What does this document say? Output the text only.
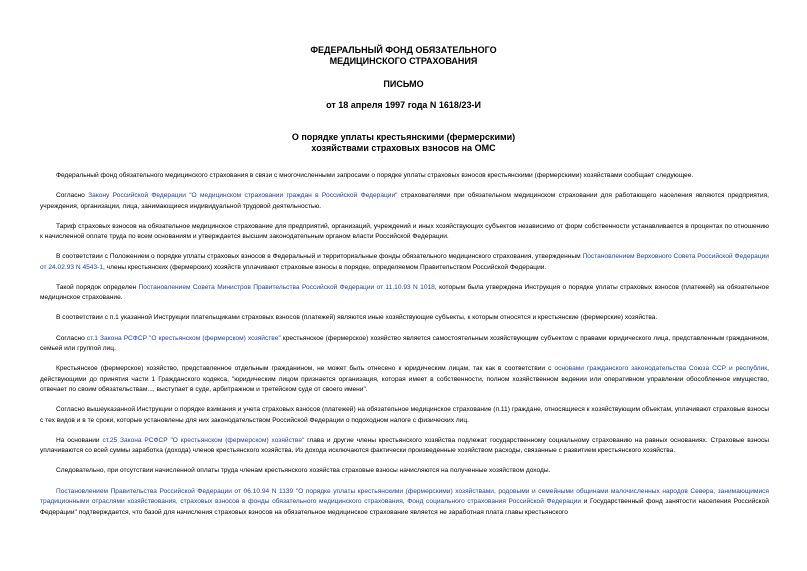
ФЕДЕРАЛЬНЫЙ ФОНД ОБЯЗАТЕЛЬНОГО
МЕДИЦИНСКОГО СТРАХОВАНИЯ
ПИСЬМО
от 18 апреля 1997 года N 1618/23-И
О порядке уплаты крестьянскими (фермерскими)
хозяйствами страховых взносов на ОМС

Федеральный фонд обязательного медицинского страхования в связи с многочисленными запросами о порядке уплаты страховых взносов крестьянскими (фермерскими) хозяйствами сообщает следующее.

Согласно Закону Российской Федерации "О медицинском страховании граждан в Российской Федерации" страхователями при обязательном медицинском страховании для работающего населения являются предприятия, учреждения, организации, лица, занимающиеся индивидуальной трудовой деятельностью.

Тариф страховых взносов на обязательное медицинское страхование для предприятий, организаций, учреждений и иных хозяйствующих субъектов независимо от форм собственности устанавливается в процентах по отношению к начисленной оплате труда по всем основаниям и утверждается высшим законодательным органом власти Российской Федерации.

В соответствии с Положением о порядке уплаты страховых взносов в Федеральный и территориальные фонды обязательного медицинского страхования, утвержденным Постановлением Верховного Совета Российской Федерации от 24.02.93 N 4543-1, члены крестьянских (фермерских) хозяйств уплачивают страховые взносы в порядке, определяемом Правительством Российской Федерации.

Такой порядок определен Постановлением Совета Министров Правительства Российской Федерации от 11.10.93 N 1018, которым была утверждена Инструкция о порядке уплаты страховых взносов (платежей) на обязательное медицинское страхование.

В соответствии с п.1 указанной Инструкции плательщиками страховых взносов (платежей) являются иные хозяйствующие субъекты, к которым относятся и крестьянские (фермерские) хозяйства.

Согласно ст.1 Закона РСФСР "О крестьянском (фермерском) хозяйстве" крестьянское (фермерское) хозяйство является самостоятельным хозяйствующим субъектом с правами юридического лица, представленным гражданином, семьей или группой лиц.

Крестьянское (фермерское) хозяйство, представленное отдельным гражданином, не может быть отнесено к юридическим лицам, так как в соответствии с основами гражданского законодательства Союза ССР и республик, действующими до принятия части 1 Гражданского кодекса, "юридическим лицом признается организация, которая имеет в собственности, полном хозяйственном ведении или оперативном управлении обособленное имущество, отвечает по своим обязательствам..., выступает в суде, арбитражном и третейском суде от своего имени".

Согласно вышеуказанной Инструкции о порядке взимания и учета страховых взносов (платежей) на обязательное медицинское страхование (п.11) граждане, относящиеся к хозяйствующим объектам, уплачивают страховые взносы с тех видов и в те сроки, которые установлены для них законодательством Российской Федерации о подоходном налоге с физических лиц.

На основании ст.25 Закона РСФСР "О крестьянском (фермерском) хозяйстве" глава и другие члены крестьянского хозяйства подлежат государственному социальному страхованию на равных основаниях. Страховые взносы уплачиваются со всей суммы заработка (дохода) членов крестьянского хозяйства. Из дохода исключаются фактически произведенные хозяйством расходы, связанные с развитием крестьянского хозяйства.

Следовательно, при отсутствии начисленной оплаты труда членам крестьянского хозяйства страховые взносы начисляются на полученные хозяйством доходы.

Постановлением Правительства Российской Федерации от 06.10.94 N 1139 "О порядке уплаты крестьянскими (фермерскими) хозяйствами, родовыми и семейными общинами малочисленных народов Севера, занимающимися традиционными отраслями хозяйствования, страховых взносов в фонды обязательного медицинского страхования, Фонд социального страхования Российской Федерации и Государственный фонд занятости населения Российской Федерации" подтверждается, что базой для начисления страховых взносов на обязательное медицинское страхование является не заработная плата главы крестьянского
